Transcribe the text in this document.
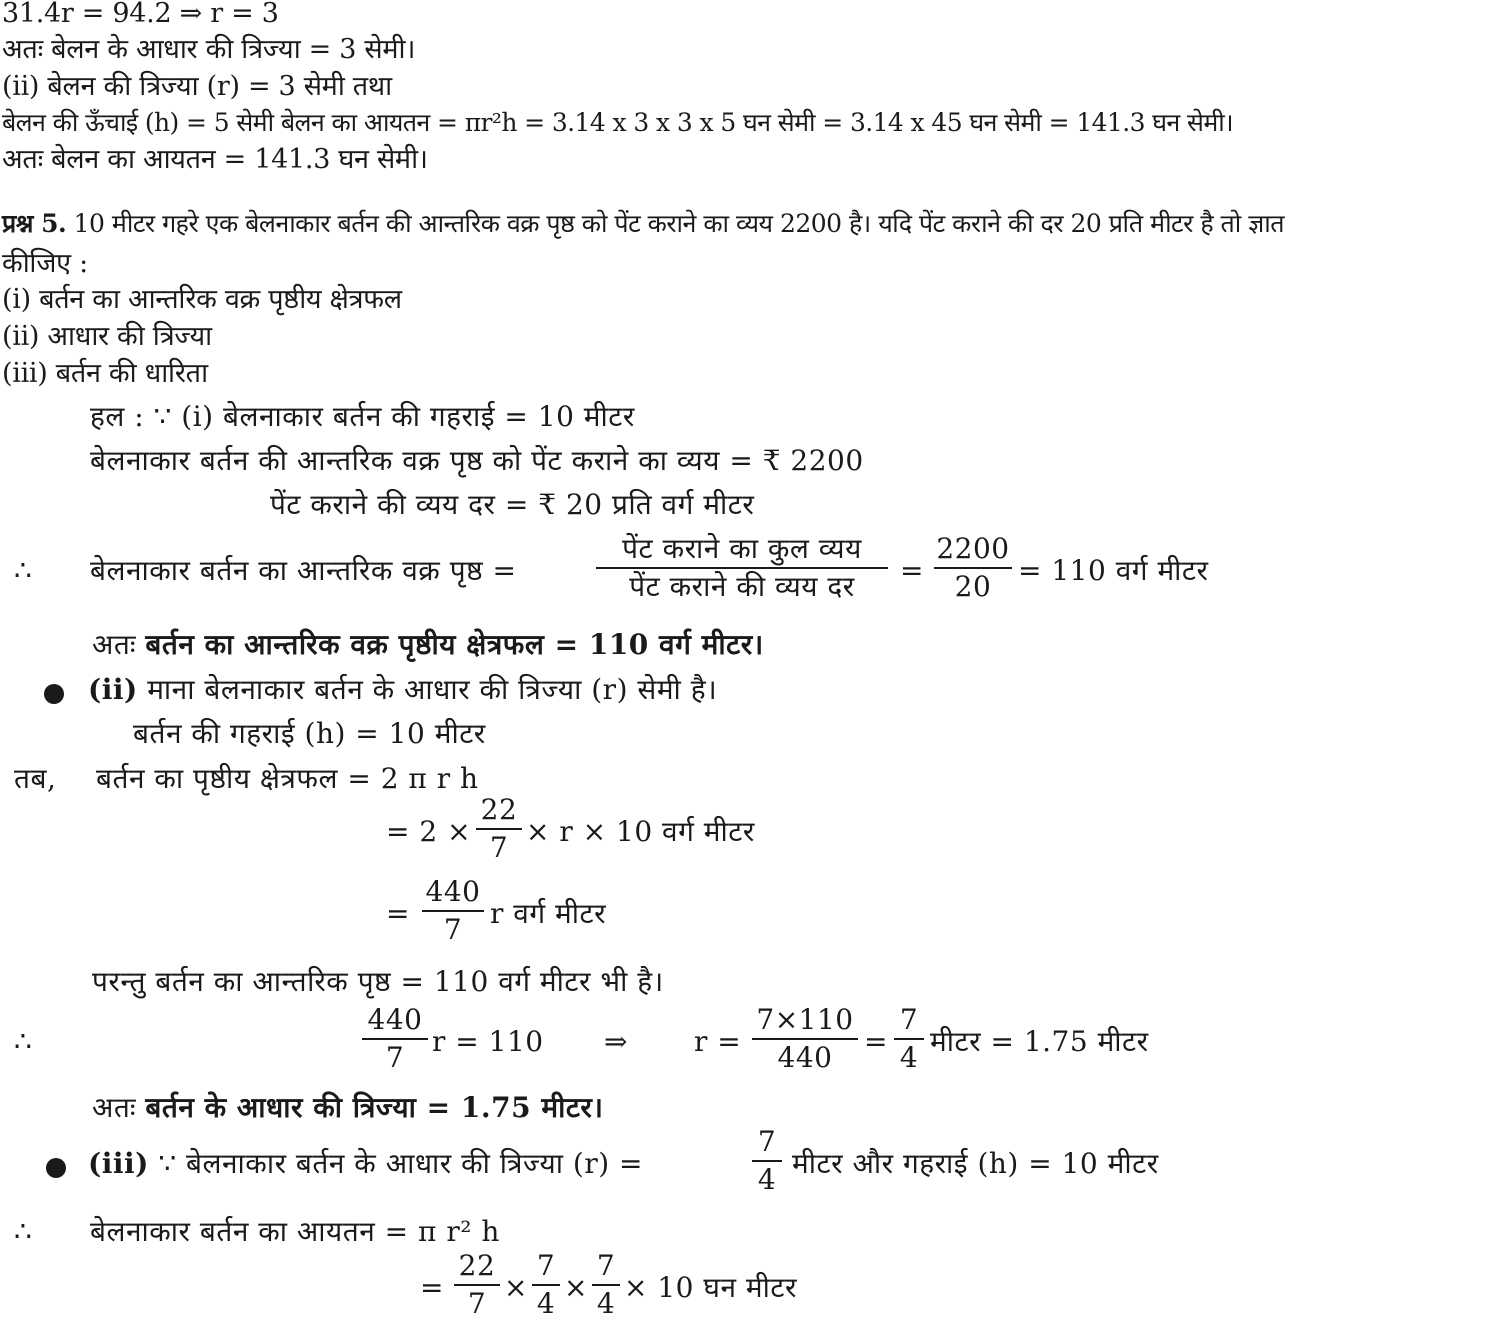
31.4r = 94.2 ⇒ r = 3
अतः बेलन के आधार की त्रिज्या = 3 सेमी।
(ii) बेलन की त्रिज्या (r) = 3 सेमी तथा
बेलन की ऊँचाई (h) = 5 सेमी बेलन का आयतन = πr²h = 3.14 x 3 x 3 x 5 घन सेमी = 3.14 x 45 घन सेमी = 141.3 घन सेमी।
अतः बेलन का आयतन = 141.3 घन सेमी।
प्रश्न 5. 10 मीटर गहरे एक बेलनाकार बर्तन की आन्तरिक वक्र पृष्ठ को पेंट कराने का व्यय 2200 है। यदि पेंट कराने की दर 20 प्रति मीटर है तो ज्ञात
कीजिए :
(i) बर्तन का आन्तरिक वक्र पृष्ठीय क्षेत्रफल
(ii) आधार की त्रिज्या
(iii) बर्तन की धारिता
हल : ∵ (i) बेलनाकार बर्तन की गहराई = 10 मीटर
बेलनाकार बर्तन की आन्तरिक वक्र पृष्ठ को पेंट कराने का व्यय = ₹ 2200
पेंट कराने की व्यय दर = ₹ 20 प्रति वर्ग मीटर
∴ बेलनाकार बर्तन का आन्तरिक वक्र पृष्ठ =
पेंट कराने का कुल व्यय
पेंट कराने की व्यय दर	=
2200
20 = 110 वर्ग मीटर
अतः बर्तन का आन्तरिक वक्र पृष्ठीय क्षेत्रफल = 110 वर्ग मीटर।
(ii) माना बेलनाकार बर्तन के आधार की त्रिज्या (r) सेमी है।
बर्तन की गहराई (h) = 10 मीटर
तब, बर्तन का पृष्ठीय क्षेत्रफल = 2 π r h
= 2 ×
22
7 × r × 10 वर्ग मीटर
=
440
7 r वर्ग मीटर
परन्तु बर्तन का आन्तरिक पृष्ठ = 110 वर्ग मीटर भी है।
∴
440
7 r = 110 ⇒ r =
7×110
440	=
7
4 मीटर = 1.75 मीटर
अतः बर्तन के आधार की त्रिज्या = 1.75 मीटर।
(iii) ∵ बेलनाकार बर्तन के आधार की त्रिज्या (r) =
7
4 मीटर और गहराई (h) = 10 मीटर
∴ बेलनाकार बर्तन का आयतन = π r² h
=
22
7 ×
7
4 ×
7
4 × 10 घन मीटर
